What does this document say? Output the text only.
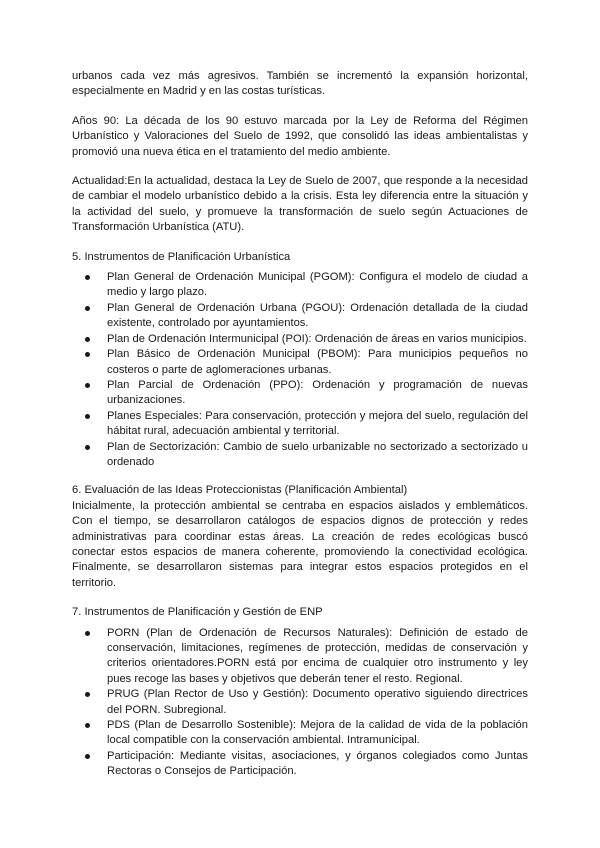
urbanos cada vez más agresivos. También se incrementó la expansión horizontal, especialmente en Madrid y en las costas turísticas.

Años 90: La década de los 90 estuvo marcada por la Ley de Reforma del Régimen Urbanístico y Valoraciones del Suelo de 1992, que consolidó las ideas ambientalistas y promovió una nueva ética en el tratamiento del medio ambiente.

Actualidad:En la actualidad, destaca la Ley de Suelo de 2007, que responde a la necesidad de cambiar el modelo urbanístico debido a la crisis. Esta ley diferencia entre la situación y la actividad del suelo, y promueve la transformación de suelo según Actuaciones de Transformación Urbanística (ATU).

5. Instrumentos de Planificación Urbanística

Plan General de Ordenación Municipal (PGOM): Configura el modelo de ciudad a medio y largo plazo.
Plan General de Ordenación Urbana (PGOU): Ordenación detallada de la ciudad existente, controlado por ayuntamientos.
Plan de Ordenación Intermunicipal (POI): Ordenación de áreas en varios municipios.
Plan Básico de Ordenación Municipal (PBOM): Para municipios pequeños no costeros o parte de aglomeraciones urbanas.
Plan Parcial de Ordenación (PPO): Ordenación y programación de nuevas urbanizaciones.
Planes Especiales: Para conservación, protección y mejora del suelo, regulación del hábitat rural, adecuación ambiental y territorial.
Plan de Sectorización: Cambio de suelo urbanizable no sectorizado a sectorizado u ordenado

6. Evaluación de las Ideas Proteccionistas (Planificación Ambiental)

Inicialmente, la protección ambiental se centraba en espacios aislados y emblemáticos. Con el tiempo, se desarrollaron catálogos de espacios dignos de protección y redes administrativas para coordinar estas áreas. La creación de redes ecológicas buscó conectar estos espacios de manera coherente, promoviendo la conectividad ecológica. Finalmente, se desarrollaron sistemas para integrar estos espacios protegidos en el territorio.

7. Instrumentos de Planificación y Gestión de ENP

PORN (Plan de Ordenación de Recursos Naturales): Definición de estado de conservación, limitaciones, regímenes de protección, medidas de conservación y criterios orientadores.PORN está por encima de cualquier otro instrumento y ley pues recoge las bases y objetivos que deberán tener el resto. Regional.
PRUG (Plan Rector de Uso y Gestión): Documento operativo siguiendo directrices del PORN. Subregional.
PDS (Plan de Desarrollo Sostenible): Mejora de la calidad de vida de la población local compatible con la conservación ambiental. Intramunicipal.
Participación: Mediante visitas, asociaciones, y órganos colegiados como Juntas Rectoras o Consejos de Participación.
